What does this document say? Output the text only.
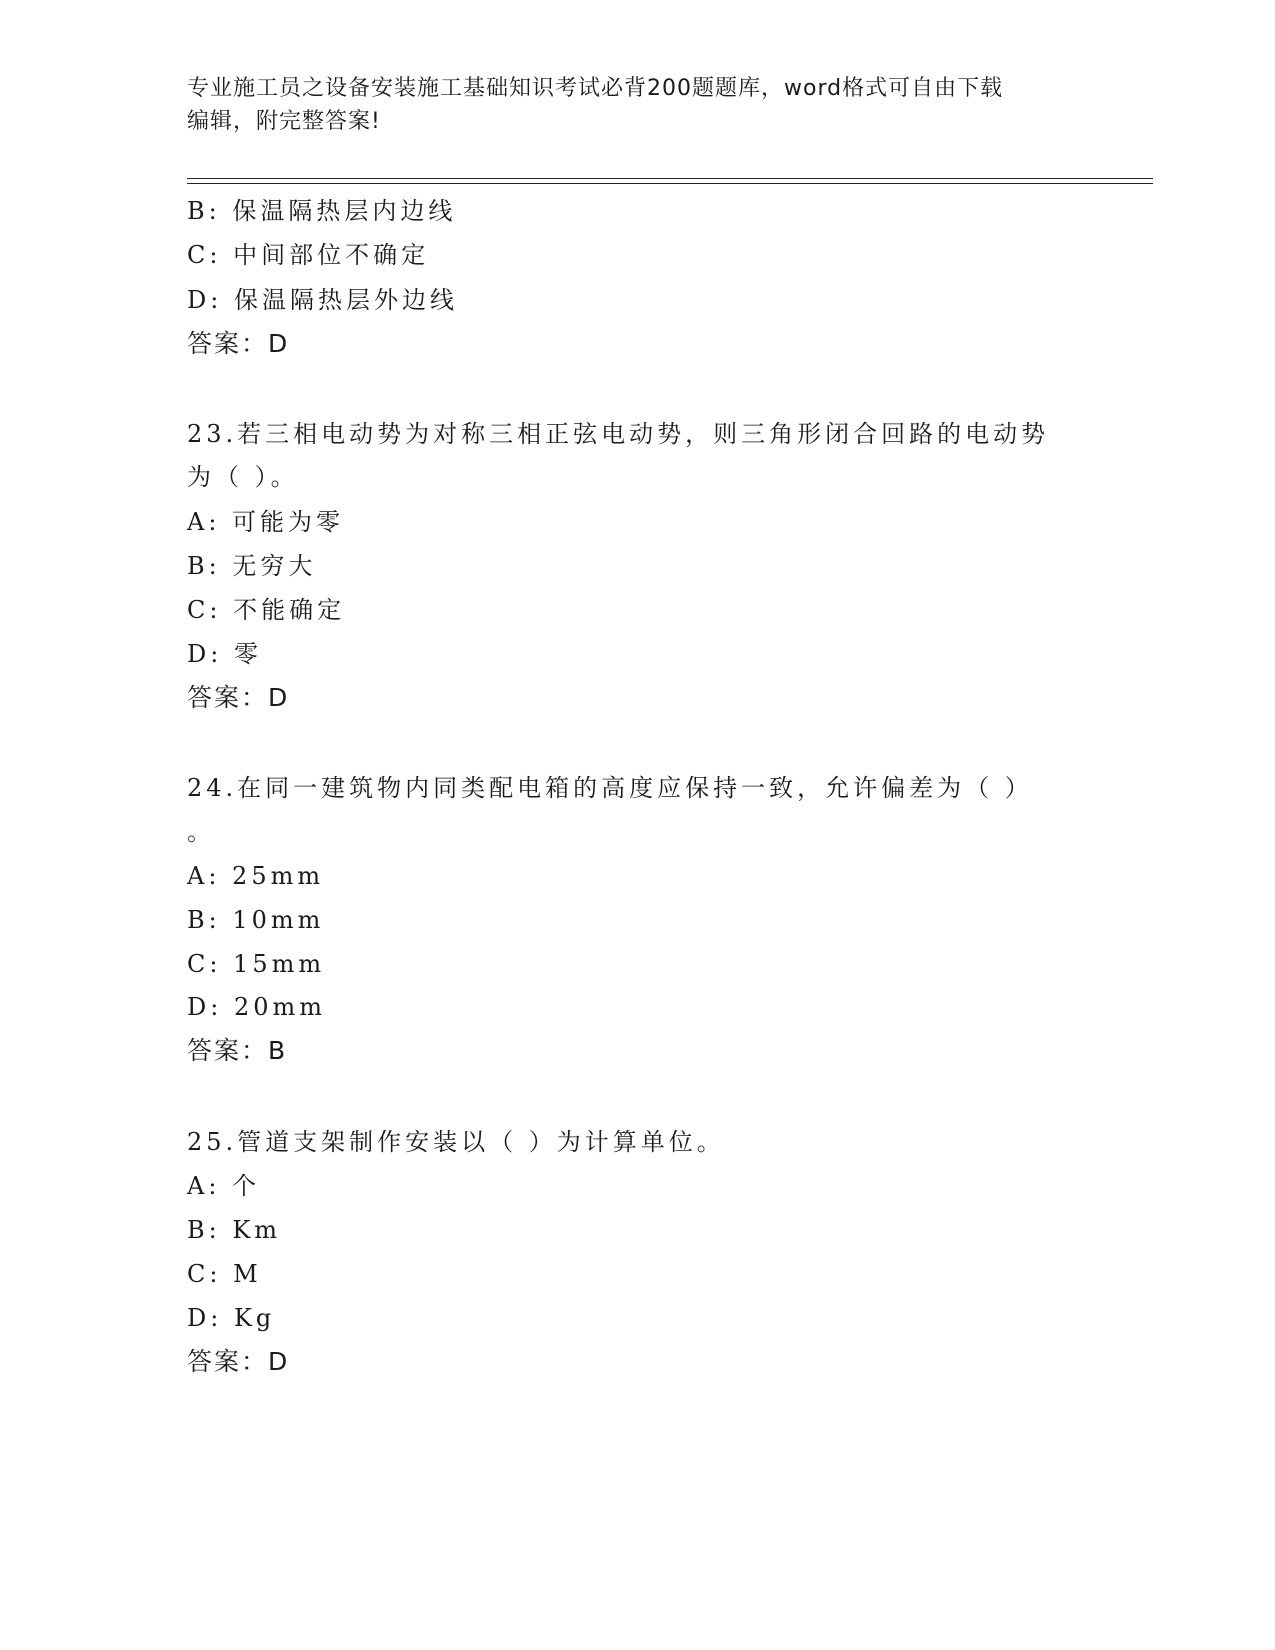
专业施工员之设备安装施工基础知识考试必背200题题库，word格式可自由下载
编辑，附完整答案!
B: 保温隔热层内边线
C: 中间部位不确定
D: 保温隔热层外边线
答案：D
23.若三相电动势为对称三相正弦电动势，则三角形闭合回路的电动势
为（ ）。
A: 可能为零
B: 无穷大
C: 不能确定
D: 零
答案：D
24.在同一建筑物内同类配电箱的高度应保持一致，允许偏差为（ ）
。
A: 25mm
B: 10mm
C: 15mm
D: 20mm
答案：B
25.管道支架制作安装以（ ）为计算单位。
A: 个
B: Km
C: M
D: Kg
答案：D
